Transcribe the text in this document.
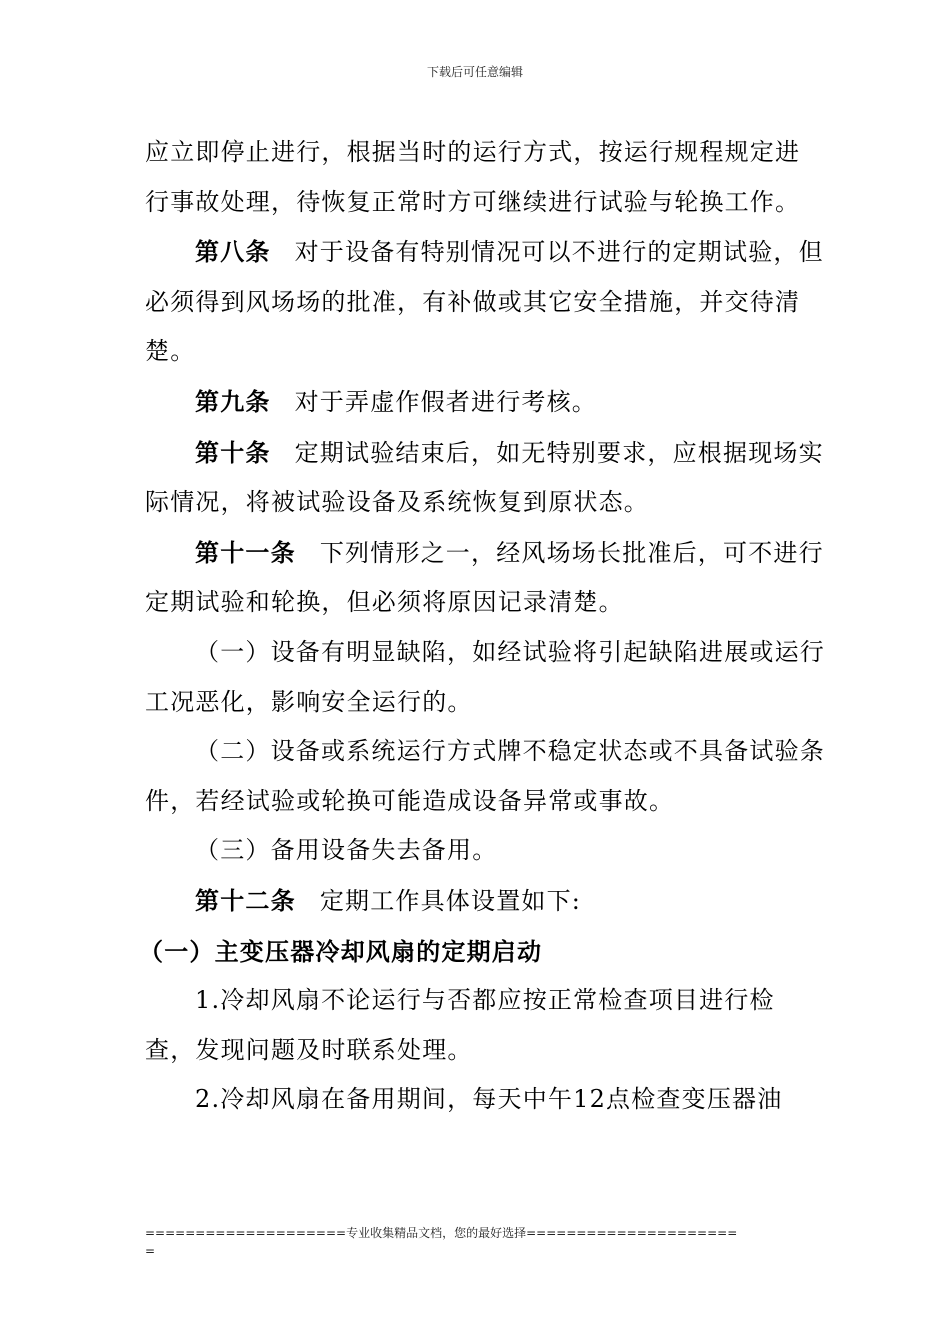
下载后可任意编辑

应立即停止进行，根据当时的运行方式，按运行规程规定进行事故处理，待恢复正常时方可继续进行试验与轮换工作。

第八条 对于设备有特别情况可以不进行的定期试验，但必须得到风场场的批准，有补做或其它安全措施，并交待清楚。

第九条 对于弄虚作假者进行考核。

第十条 定期试验结束后，如无特别要求，应根据现场实际情况，将被试验设备及系统恢复到原状态。

第十一条 下列情形之一，经风场场长批准后，可不进行定期试验和轮换，但必须将原因记录清楚。

（一）设备有明显缺陷，如经试验将引起缺陷进展或运行工况恶化，影响安全运行的。

（二）设备或系统运行方式牌不稳定状态或不具备试验条件，若经试验或轮换可能造成设备异常或事故。

（三）备用设备失去备用。

第十二条 定期工作具体设置如下:

（一）主变压器冷却风扇的定期启动

1.冷却风扇不论运行与否都应按正常检查项目进行检查，发现问题及时联系处理。

2.冷却风扇在备用期间，每天中午12点检查变压器油

====================专业收集精品文档，您的最好选择=====================
=
